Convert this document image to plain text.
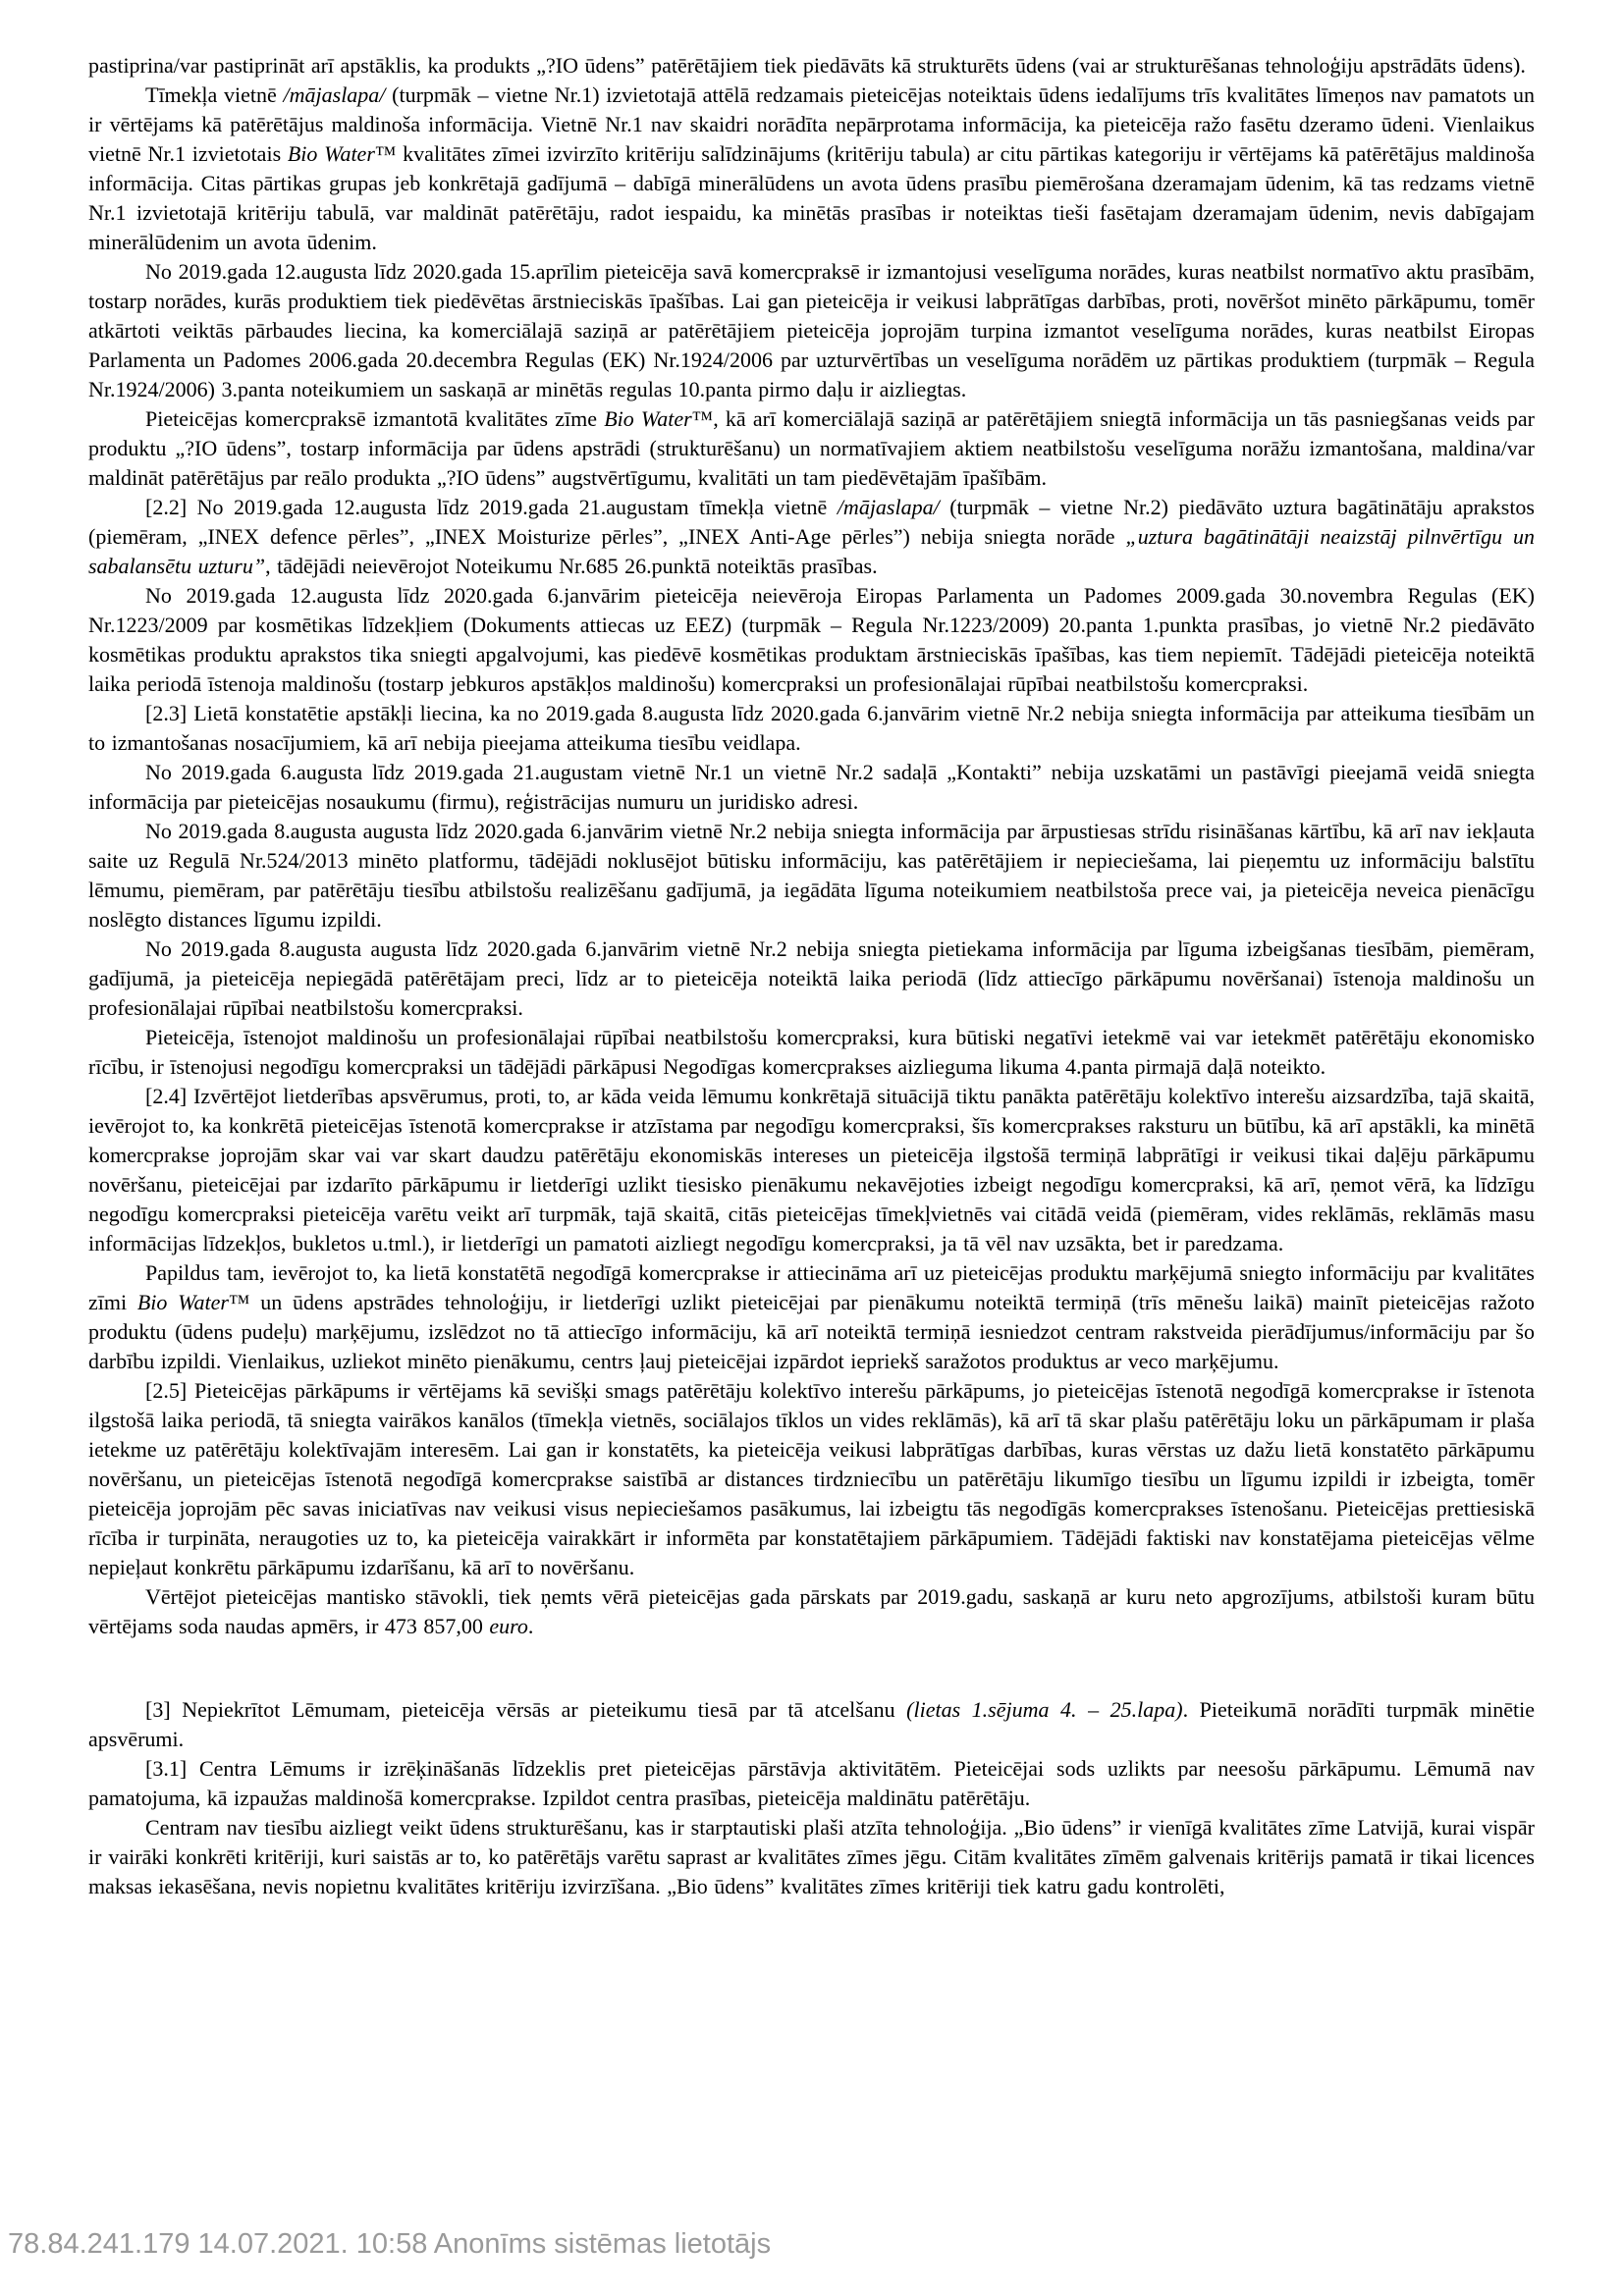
pastiprina/var pastiprināt arī apstāklis, ka produkts „?IO ūdens” patērētājiem tiek piedāvāts kā strukturēts ūdens (vai ar strukturēšanas tehnoloģiju apstrādāts ūdens).

Tīmekļa vietnē /mājaslapa/ (turpmāk – vietne Nr.1) izvietotajā attēlā redzamais pieteicējas noteiktais ūdens iedalījums trīs kvalitātes līmeņos nav pamatots un ir vērtējams kā patērētājus maldinoša informācija. Vietnē Nr.1 nav skaidri norādīta nepārprotama informācija, ka pieteicēja ražo fasētu dzeramo ūdeni. Vienlaikus vietnē Nr.1 izvietotais Bio Water™ kvalitātes zīmei izvirzīto kritēriju salīdzinājums (kritēriju tabula) ar citu pārtikas kategoriju ir vērtējams kā patērētājus maldinoša informācija. Citas pārtikas grupas jeb konkrētajā gadījumā – dabīgā minerālūdens un avota ūdens prasību piemērošana dzeramajam ūdenim, kā tas redzams vietnē Nr.1 izvietotajā kritēriju tabulā, var maldināt patērētāju, radot iespaidu, ka minētās prasības ir noteiktas tieši fasētajam dzeramajam ūdenim, nevis dabīgajam minerālūdenim un avota ūdenim.

No 2019.gada 12.augusta līdz 2020.gada 15.aprīlim pieteicēja savā komercpraksē ir izmantojusi veselīguma norādes, kuras neatbilst normatīvo aktu prasībām, tostarp norādes, kurās produktiem tiek piedēvētas ārstnieciskās īpašības. Lai gan pieteicēja ir veikusi labprātīgas darbības, proti, novēršot minēto pārkāpumu, tomēr atkārtoti veiktās pārbaudes liecina, ka komerciālajā saziņā ar patērētājiem pieteicēja joprojām turpina izmantot veselīguma norādes, kuras neatbilst Eiropas Parlamenta un Padomes 2006.gada 20.decembra Regulas (EK) Nr.1924/2006 par uzturvērtības un veselīguma norādēm uz pārtikas produktiem (turpmāk – Regula Nr.1924/2006) 3.panta noteikumiem un saskaņā ar minētās regulas 10.panta pirmo daļu ir aizliegtas.

Pieteicējas komercpraksē izmantotā kvalitātes zīme Bio Water™, kā arī komerciālajā saziņā ar patērētājiem sniegtā informācija un tās pasniegšanas veids par produktu „?IO ūdens”, tostarp informācija par ūdens apstrādi (strukturēšanu) un normatīvajiem aktiem neatbilstošu veselīguma norāžu izmantošana, maldina/var maldināt patērētājus par reālo produkta „?IO ūdens” augstvērtīgumu, kvalitāti un tam piedēvētajām īpašībām.

[2.2] No 2019.gada 12.augusta līdz 2019.gada 21.augustam tīmekļa vietnē /mājaslapa/ (turpmāk – vietne Nr.2) piedāvāto uztura bagātinātāju aprakstos (piemēram, „INEX defence pērles”, „INEX Moisturize pērles”, „INEX Anti-Age pērles”) nebija sniegta norāde „uztura bagātinātāji neaizstāj pilnvērtīgu un sabalansētu uzturu”, tādējādi neievērojot Noteikumu Nr.685 26.punktā noteiktās prasības.

No 2019.gada 12.augusta līdz 2020.gada 6.janvārim pieteicēja neievēroja Eiropas Parlamenta un Padomes 2009.gada 30.novembra Regulas (EK) Nr.1223/2009 par kosmētikas līdzekļiem (Dokuments attiecas uz EEZ) (turpmāk – Regula Nr.1223/2009) 20.panta 1.punkta prasības, jo vietnē Nr.2 piedāvāto kosmētikas produktu aprakstos tika sniegti apgalvojumi, kas piedēvē kosmētikas produktam ārstnieciskās īpašības, kas tiem nepiemīt. Tādējādi pieteicēja noteiktā laika periodā īstenoja maldinošu (tostarp jebkuros apstākļos maldinošu) komercpraksi un profesionālajai rūpībai neatbilstošu komercpraksi.

[2.3] Lietā konstatētie apstākļi liecina, ka no 2019.gada 8.augusta līdz 2020.gada 6.janvārim vietnē Nr.2 nebija sniegta informācija par atteikuma tiesībām un to izmantošanas nosacījumiem, kā arī nebija pieejama atteikuma tiesību veidlapa.

No 2019.gada 6.augusta līdz 2019.gada 21.augustam vietnē Nr.1 un vietnē Nr.2 sadaļā „Kontakti” nebija uzskatāmi un pastāvīgi pieejamā veidā sniegta informācija par pieteicējas nosaukumu (firmu), reģistrācijas numuru un juridisko adresi.

No 2019.gada 8.augusta augusta līdz 2020.gada 6.janvārim vietnē Nr.2 nebija sniegta informācija par ārpustiesas strīdu risināšanas kārtību, kā arī nav iekļauta saite uz Regulā Nr.524/2013 minēto platformu, tādējādi noklusējot būtisku informāciju, kas patērētājiem ir nepieciešama, lai pieņemtu uz informāciju balstītu lēmumu, piemēram, par patērētāju tiesību atbilstošu realizēšanu gadījumā, ja iegādāta līguma noteikumiem neatbilstoša prece vai, ja pieteicēja neveica pienācīgu noslēgto distances līgumu izpildi.

No 2019.gada 8.augusta augusta līdz 2020.gada 6.janvārim vietnē Nr.2 nebija sniegta pietiekama informācija par līguma izbeigšanas tiesībām, piemēram, gadījumā, ja pieteicēja nepiegādā patērētājam preci, līdz ar to pieteicēja noteiktā laika periodā (līdz attiecīgo pārkāpumu novēršanai) īstenoja maldinošu un profesionālajai rūpībai neatbilstošu komercpraksi.

Pieteicēja, īstenojot maldinošu un profesionālajai rūpībai neatbilstošu komercpraksi, kura būtiski negatīvi ietekmē vai var ietekmēt patērētāju ekonomisko rīcību, ir īstenojusi negodīgu komercpraksi un tādējādi pārkāpusi Negodīgas komercprakses aizlieguma likuma 4.panta pirmajā daļā noteikto.

[2.4] Izvērtējot lietderības apsvērumus, proti, to, ar kāda veida lēmumu konkrētajā situācijā tiktu panākta patērētāju kolektīvo interešu aizsardzība, tajā skaitā, ievērojot to, ka konkrētā pieteicējas īstenotā komercprakse ir atzīstama par negodīgu komercpraksi, šīs komercprakses raksturu un būtību, kā arī apstākli, ka minētā komercprakse joprojām skar vai var skart daudzu patērētāju ekonomiskās intereses un pieteicēja ilgstošā termiņā labprātīgi ir veikusi tikai daļēju pārkāpumu novēršanu, pieteicējai par izdarīto pārkāpumu ir lietderīgi uzlikt tiesisko pienākumu nekavējoties izbeigt negodīgu komercpraksi, kā arī, ņemot vērā, ka līdzīgu negodīgu komercpraksi pieteicēja varētu veikt arī turpmāk, tajā skaitā, citās pieteicējas tīmekļvietnēs vai citādā veidā (piemēram, vides reklāmās, reklāmās masu informācijas līdzekļos, bukletos u.tml.), ir lietderīgi un pamatoti aizliegt negodīgu komercpraksi, ja tā vēl nav uzsākta, bet ir paredzama.

Papildus tam, ievērojot to, ka lietā konstatētā negodīgā komercprakse ir attiecināma arī uz pieteicējas produktu marķējumā sniegto informāciju par kvalitātes zīmi Bio Water™ un ūdens apstrādes tehnoloģiju, ir lietderīgi uzlikt pieteicējai par pienākumu noteiktā termiņā (trīs mēnešu laikā) mainīt pieteicējas ražoto produktu (ūdens pudeļu) marķējumu, izslēdzot no tā attiecīgo informāciju, kā arī noteiktā termiņā iesniedzot centram rakstveida pierādījumus/informāciju par šo darbību izpildi. Vienlaikus, uzliekot minēto pienākumu, centrs ļauj pieteicējai izpārdot iepriekš saražotos produktus ar veco marķējumu.

[2.5] Pieteicējas pārkāpums ir vērtējams kā sevišķi smags patērētāju kolektīvo interešu pārkāpums, jo pieteicējas īstenotā negodīgā komercprakse ir īstenota ilgstošā laika periodā, tā sniegta vairākos kanālos (tīmekļa vietnēs, sociālajos tīklos un vides reklāmās), kā arī tā skar plašu patērētāju loku un pārkāpumam ir plaša ietekme uz patērētāju kolektīvajām interesēm. Lai gan ir konstatēts, ka pieteicēja veikusi labprātīgas darbības, kuras vērstas uz dažu lietā konstatēto pārkāpumu novēršanu, un pieteicējas īstenotā negodīgā komercprakse saistībā ar distances tirdzniecību un patērētāju likumīgo tiesību un līgumu izpildi ir izbeigta, tomēr pieteicēja joprojām pēc savas iniciatīvas nav veikusi visus nepieciešamos pasākumus, lai izbeigtu tās negodīgās komercprakses īstenošanu. Pieteicējas prettiesiskā rīcība ir turpināta, neraugoties uz to, ka pieteicēja vairakkārt ir informēta par konstatētajiem pārkāpumiem. Tādējādi faktiski nav konstatējama pieteicējas vēlme nepieļaut konkrētu pārkāpumu izdarīšanu, kā arī to novēršanu.

Vērtējot pieteicējas mantisko stāvokli, tiek ņemts vērā pieteicējas gada pārskats par 2019.gadu, saskaņā ar kuru neto apgrozījums, atbilstoši kuram būtu vērtējams soda naudas apmērs, ir 473 857,00 euro.

[3] Nepiekrītot Lēmumam, pieteicēja vērsās ar pieteikumu tiesā par tā atcelšanu (lietas 1.sējuma 4. – 25.lapa). Pieteikumā norādīti turpmāk minētie apsvērumi.

[3.1] Centra Lēmums ir izrēķināšanās līdzeklis pret pieteicējas pārstāvja aktivitātēm. Pieteicējai sods uzlikts par neesošu pārkāpumu. Lēmumā nav pamatojuma, kā izpaužas maldinošā komercprakse. Izpildot centra prasības, pieteicēja maldinātu patērētāju.

Centram nav tiesību aizliegt veikt ūdens strukturēšanu, kas ir starptautiski plaši atzīta tehnoloģija. „Bio ūdens” ir vienīgā kvalitātes zīme Latvijā, kurai vispār ir vairāki konkrēti kritēriji, kuri saistās ar to, ko patērētājs varētu saprast ar kvalitātes zīmes jēgu. Citām kvalitātes zīmēm galvenais kritērijs pamatā ir tikai licences maksas iekasēšana, nevis nopietnu kvalitātes kritēriju izvirzīšana. „Bio ūdens” kvalitātes zīmes kritēriji tiek katru gadu kontrolēti,

78.84.241.179 14.07.2021. 10:58 Anonīms sistēmas lietotājs
